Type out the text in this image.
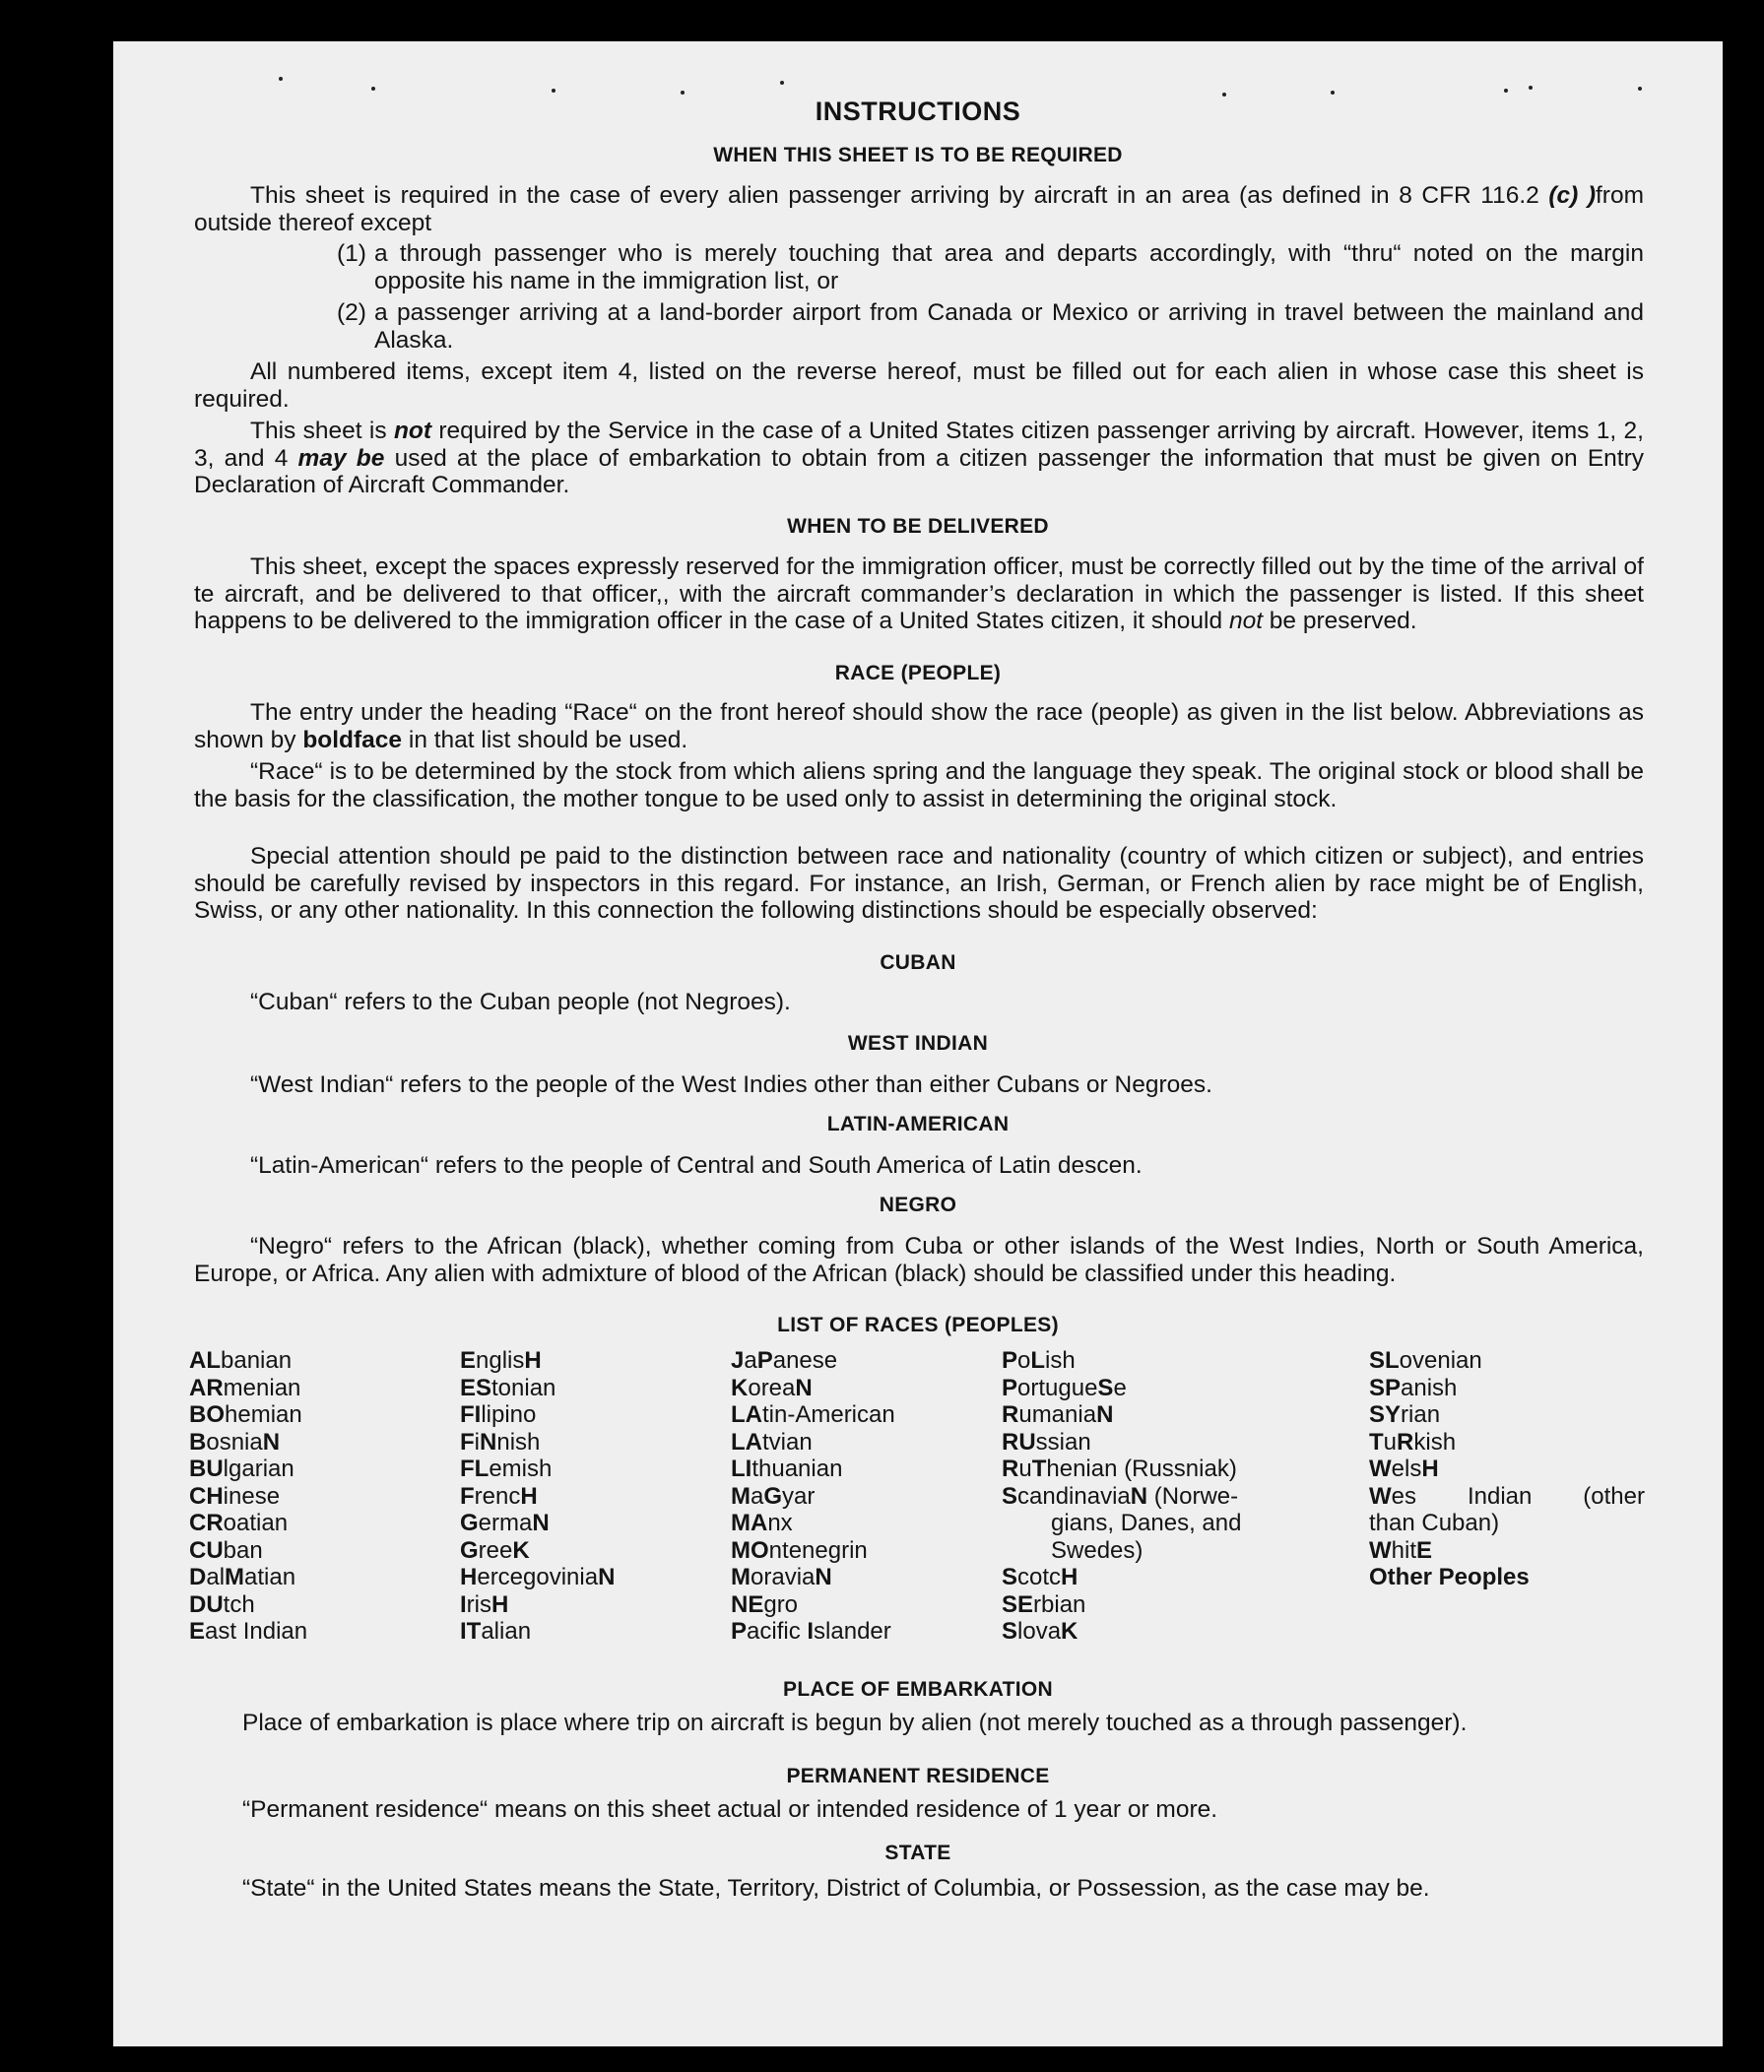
INSTRUCTIONS
WHEN THIS SHEET IS TO BE REQUIRED
This sheet is required in the case of every alien passenger arriving by aircraft in an area (as defined in 8 CFR 116.2 (c) )from outside thereof except
(1) a through passenger who is merely touching that area and departs accordingly, with “thru“ noted on the margin opposite his name in the immigration list, or
(2) a passenger arriving at a land-border airport from Canada or Mexico or arriving in travel between the mainland and Alaska.
All numbered items, except item 4, listed on the reverse hereof, must be filled out for each alien in whose case this sheet is required.
This sheet is not required by the Service in the case of a United States citizen passenger arriving by aircraft. However, items 1, 2, 3, and 4 may be used at the place of embarkation to obtain from a citizen passenger the information that must be given on Entry Declaration of Aircraft Commander.
WHEN TO BE DELIVERED
This sheet, except the spaces expressly reserved for the immigration officer, must be correctly filled out by the time of the arrival of te aircraft, and be delivered to that officer,, with the aircraft commander’s declaration in which the passenger is listed. If this sheet happens to be delivered to the immigration officer in the case of a United States citizen, it should not be preserved.
RACE (PEOPLE)
The entry under the heading “Race“ on the front hereof should show the race (people) as given in the list below. Abbreviations as shown by boldface in that list should be used.
“Race“ is to be determined by the stock from which aliens spring and the language they speak. The original stock or blood shall be the basis for the classification, the mother tongue to be used only to assist in determining the original stock.
Special attention should pe paid to the distinction between race and nationality (country of which citizen or subject), and entries should be carefully revised by inspectors in this regard. For instance, an Irish, German, or French alien by race might be of English, Swiss, or any other nationality. In this connection the following distinctions should be especially observed:
CUBAN
“Cuban“ refers to the Cuban people (not Negroes).
WEST INDIAN
“West Indian“ refers to the people of the West Indies other than either Cubans or Negroes.
LATIN-AMERICAN
“Latin-American“ refers to the people of Central and South America of Latin descen.
NEGRO
“Negro“ refers to the African (black), whether coming from Cuba or other islands of the West Indies, North or South America, Europe, or Africa. Any alien with admixture of blood of the African (black) should be classified under this heading.
LIST OF RACES (PEOPLES)
ALbanian
ARmenian
BOhemian
BosniaN
BUlgarian
CHinese
CRoatian
CUban
DalMatian
DUtch
East Indian
EnglisH
EStonian
FIlipino
FiNnish
FLemish
FrencH
GermaN
GreeK
HercegoviniaN
IrisH
ITalian
JaPanese
KoreaN
LAtin-American
LAtvian
LIthuanian
MaGyar
MAnx
MOntenegrin
MoraviaN
NEgro
Pacific Islander
PoLish
PortugueSe
RumaniaN
RUssian
RuThenian (Russniak)
ScandinaviaN (Norwe-
gians, Danes, and
Swedes)
ScotcH
SErbian
SlovaK
SLovenian
SPanish
SYrian
TuRkish
WelsH
Wes Indian (other
than Cuban)
WhitE
Other Peoples
PLACE OF EMBARKATION
Place of embarkation is place where trip on aircraft is begun by alien (not merely touched as a through passenger).
PERMANENT RESIDENCE
“Permanent residence“ means on this sheet actual or intended residence of 1 year or more.
STATE
“State“ in the United States means the State, Territory, District of Columbia, or Possession, as the case may be.
